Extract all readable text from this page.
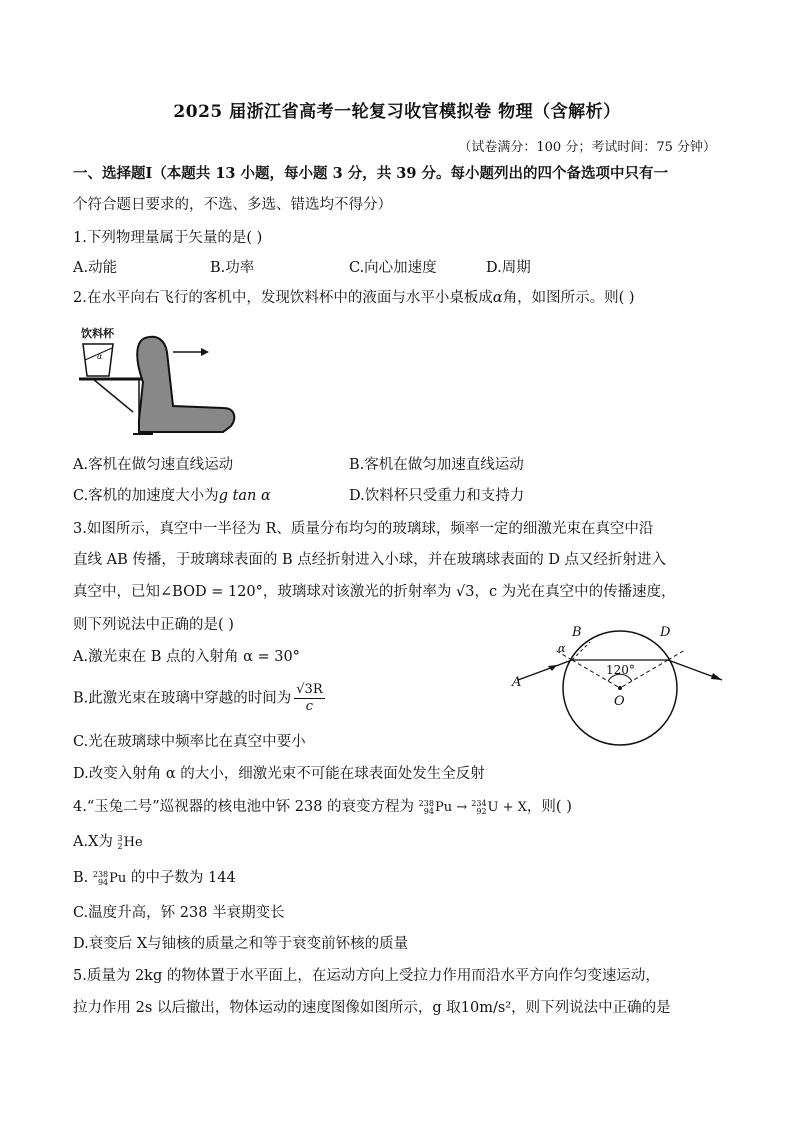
2025 届浙江省高考一轮复习收官模拟卷 物理（含解析）
（试卷满分：100 分；考试时间：75 分钟）
一、选择题Ⅰ（本题共 13 小题，每小题 3 分，共 39 分。每小题列出的四个备选项中只有一
个符合题日要求的，不选、多选、错选均不得分）
1.下列物理量属于矢量的是( )
A.动能	B.功率	C.向心加速度	D.周期
2.在水平向右飞行的客机中，发现饮料杯中的液面与水平小桌板成α角，如图所示。则( )
饮料杯
α
A.客机在做匀速直线运动	B.客机在做匀加速直线运动
C.客机的加速度大小为g tan α	D.饮料杯只受重力和支持力
3.如图所示，真空中一半径为 R、质量分布均匀的玻璃球，频率一定的细激光束在真空中沿
直线 AB 传播，于玻璃球表面的 B 点经折射进入小球，并在玻璃球表面的 D 点又经折射进入
真空中，已知∠BOD = 120°，玻璃球对该激光的折射率为 √3，c 为光在真空中的传播速度，
则下列说法中正确的是( )
A.激光束在 B 点的入射角 α = 30°
B.此激光束在玻璃中穿越的时间为 $\frac{√3R}{c}$
C.光在玻璃球中频率比在真空中要小
D.改变入射角 α 的大小，细激光束不可能在球表面处发生全反射
120°
A
B	D
O
α
4.“玉兔二号”巡视器的核电池中钚 238 的衰变方程为 238
94 Pu → 234
92 U + X，则( )
A.X为 3
2 He
B. 238
94 Pu 的中子数为 144
C.温度升高，钚 238 半衰期变长
D.衰变后 X与铀核的质量之和等于衰变前钚核的质量
5.质量为 2kg 的物体置于水平面上，在运动方向上受拉力作用而沿水平方向作匀变速运动，
拉力作用 2s 以后撤出，物体运动的速度图像如图所示，g 取10m/s²，则下列说法中正确的是
